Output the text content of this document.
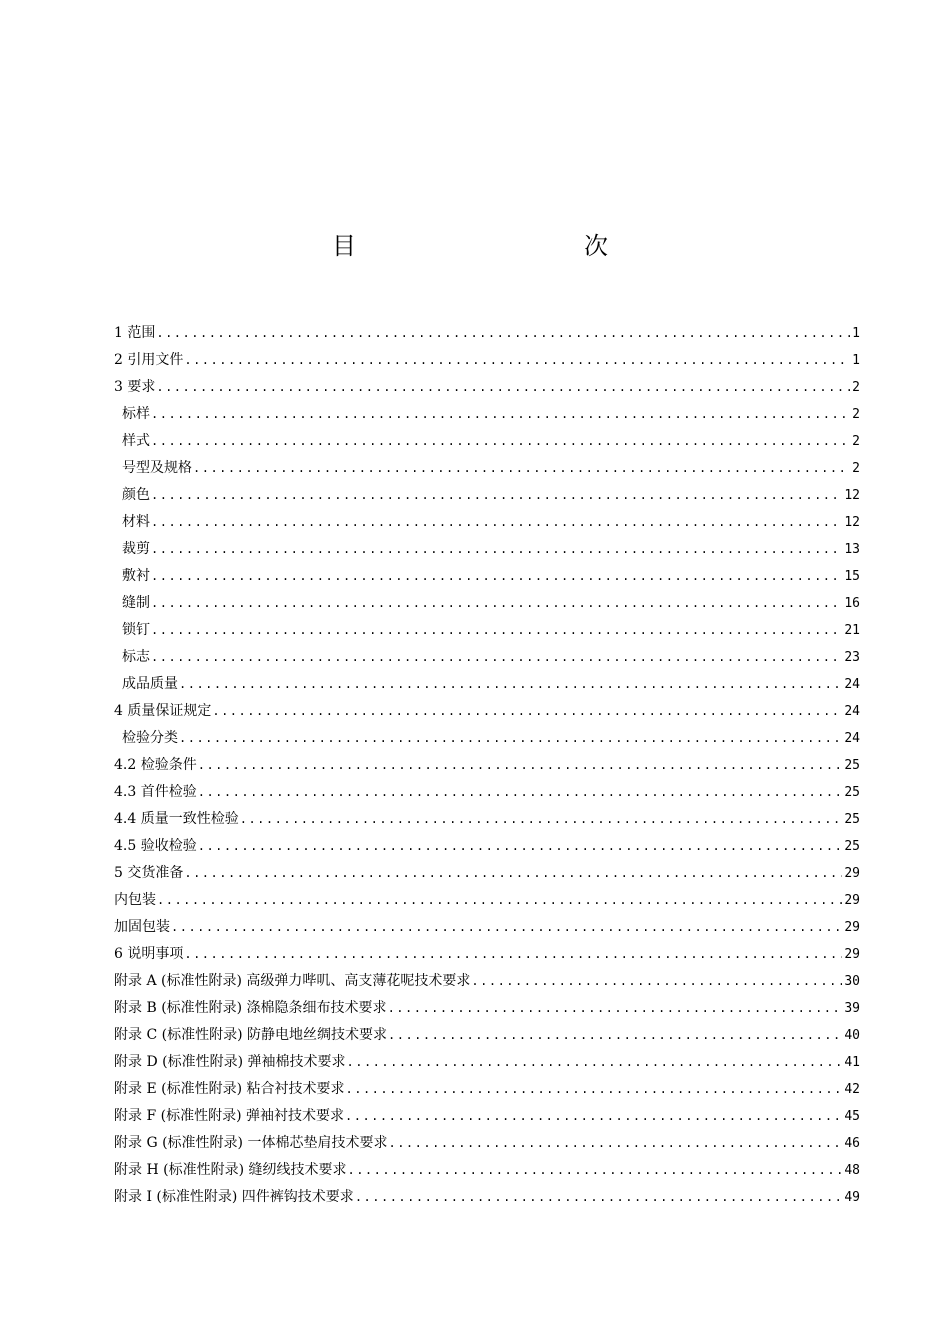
目　　次
1 范围 .....	1
2 引用文件 .....	1
3 要求 .....	2
标样 .....	2
样式 .....	2
号型及规格 .....	2
颜色 .....	12
材料 .....	12
裁剪 .....	13
敷衬 .....	15
缝制 .....	16
锁钉 .....	21
标志 .....	23
成品质量 .....	24
4 质量保证规定 .....	24
检验分类 .....	24
4.2 检验条件 .....	25
4.3 首件检验 .....	25
4.4 质量一致性检验 .....	25
4.5 验收检验 .....	25
5 交货准备 .....	29
内包装 .....	29
加固包装 .....	29
6 说明事项 .....	29
附录 A (标准性附录) 高级弹力哔叽、高支薄花呢技术要求 .....	30
附录 B (标准性附录) 涤棉隐条细布技术要求 .....	39
附录 C (标准性附录) 防静电地丝绸技术要求 .....	40
附录 D (标准性附录) 弹袖棉技术要求 .....	41
附录 E (标准性附录) 粘合衬技术要求 .....	42
附录 F (标准性附录) 弹袖衬技术要求 .....	45
附录 G (标准性附录) 一体棉芯垫肩技术要求 .....	46
附录 H (标准性附录) 缝纫线技术要求 .....	48
附录 I (标准性附录) 四件裤钩技术要求 .....	49
